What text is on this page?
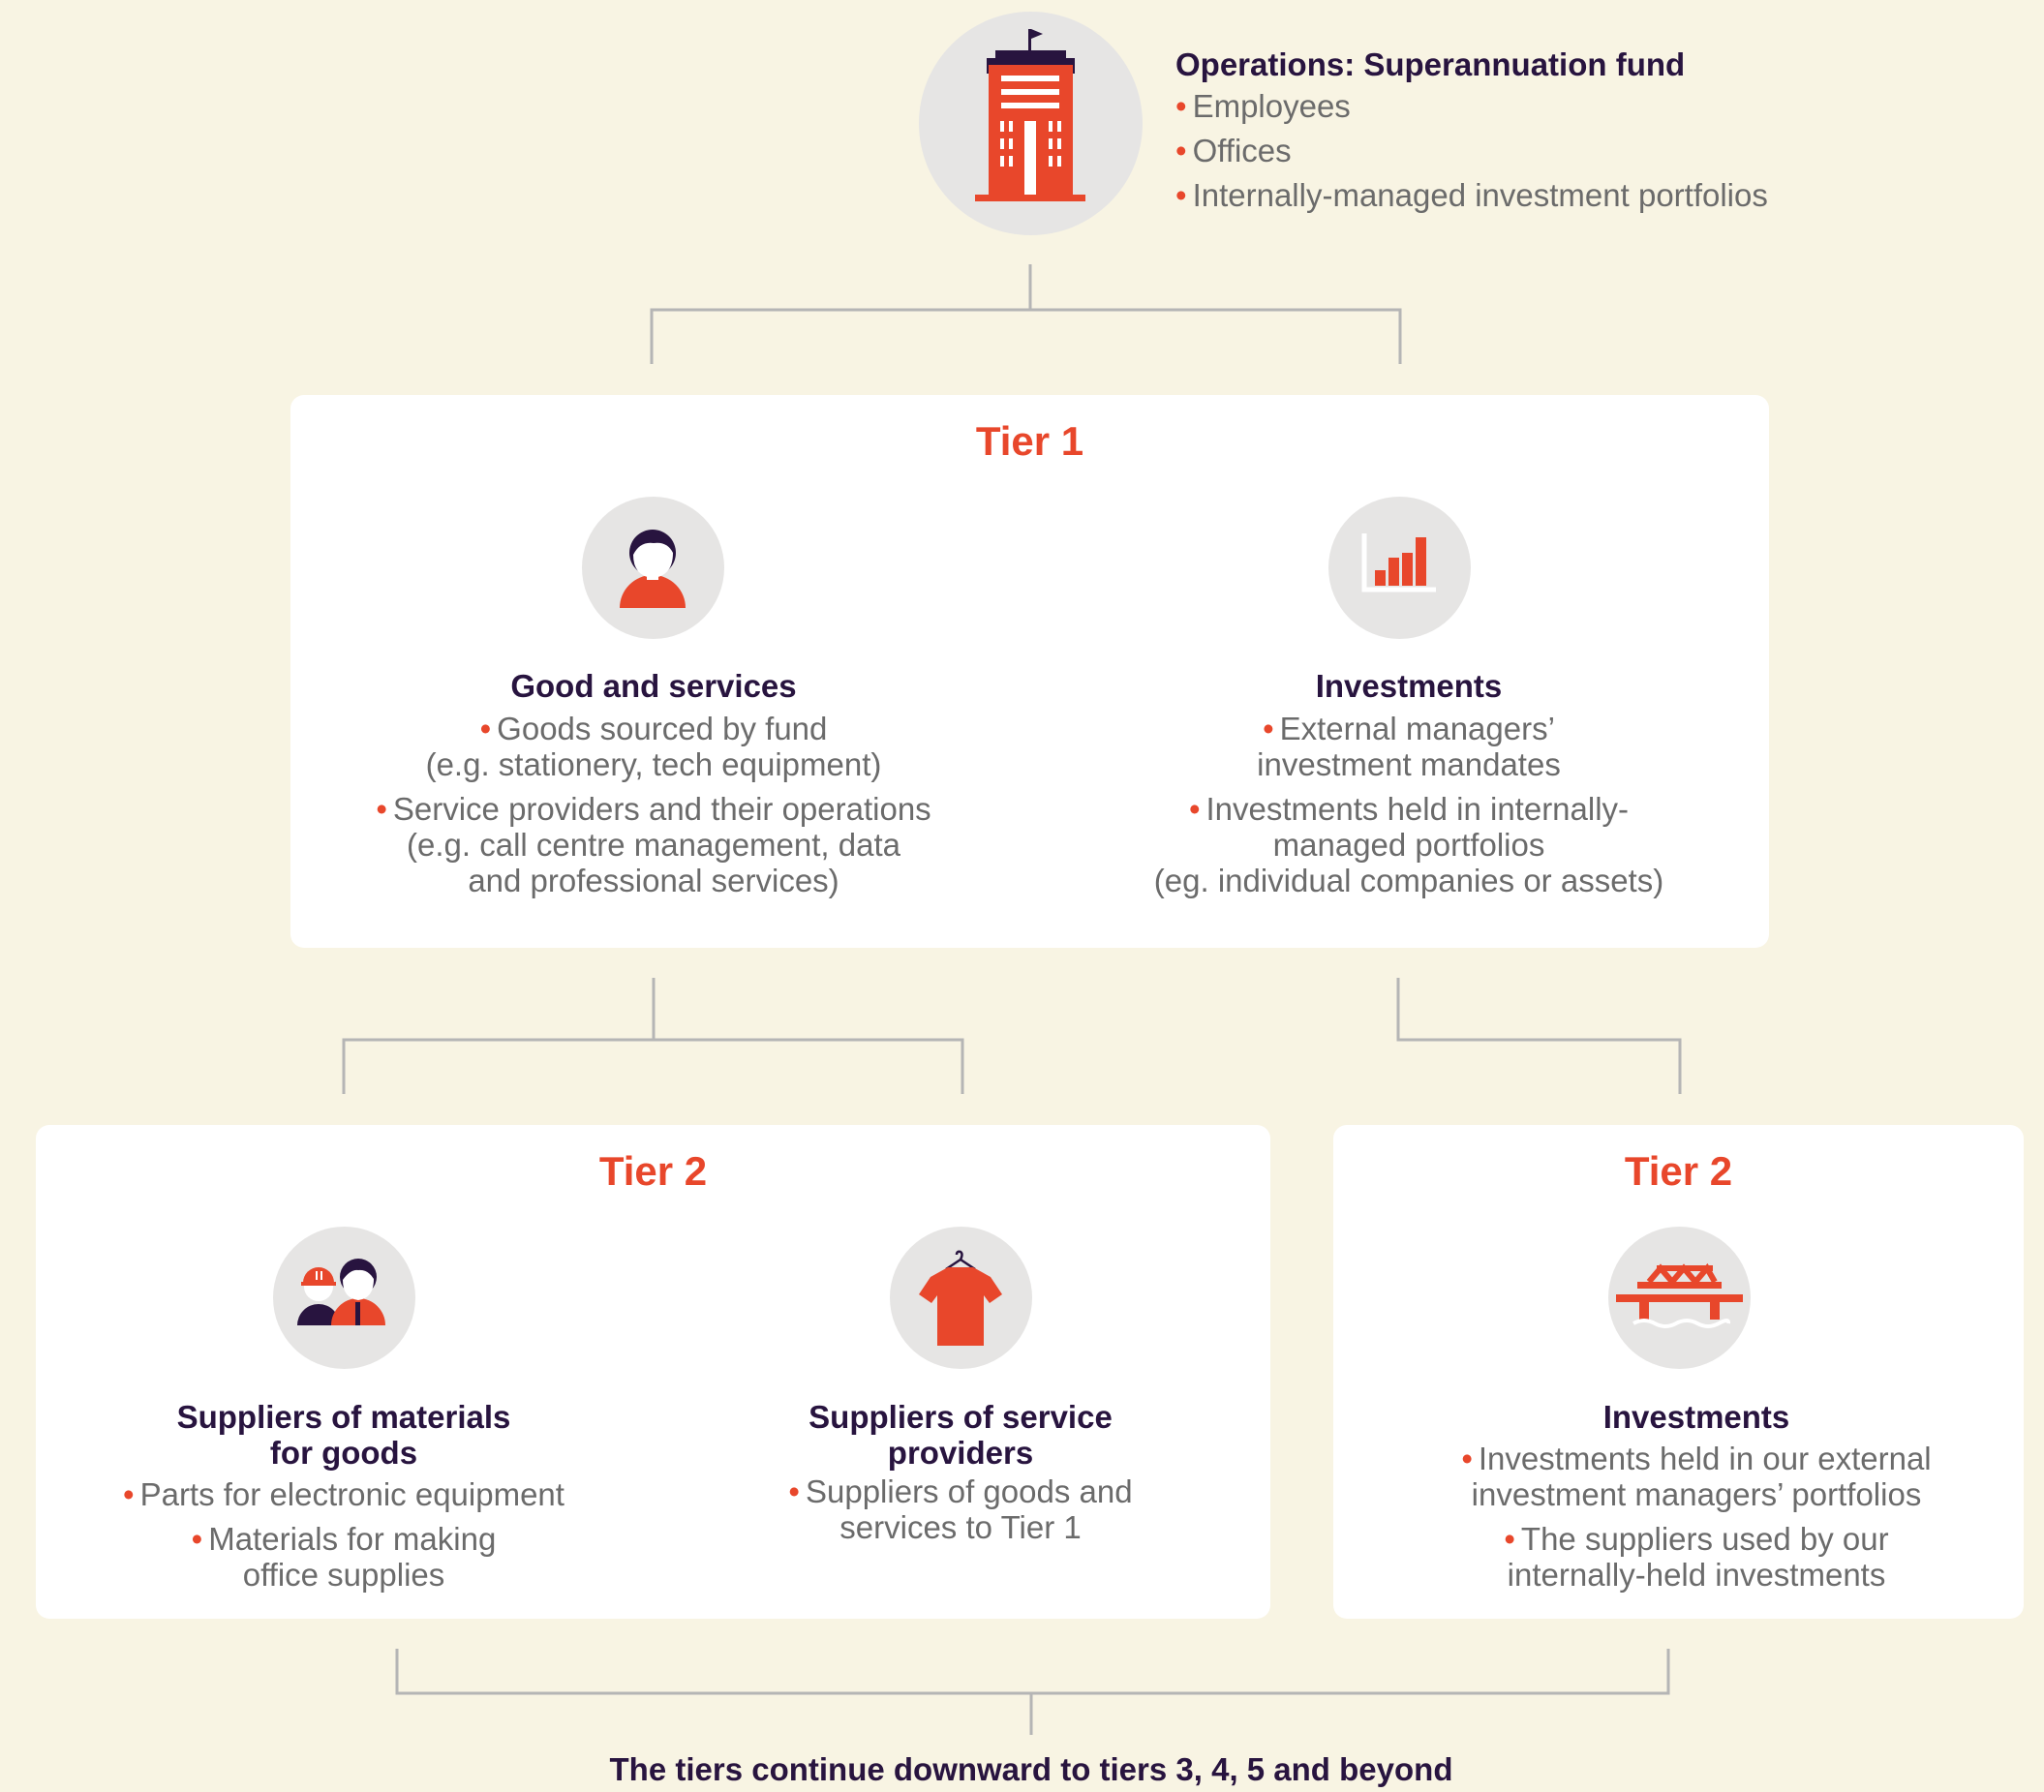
Operations: Superannuation fund
• Employees
• Offices
• Internally-managed investment portfolios
Tier 1
Good and services

• Goods sourced by fund
(e.g. stationery, tech equipment)

• Service providers and their operations
(e.g. call centre management, data
and professional services)

Investments

• External managers’
investment mandates

• Investments held in internally-
managed portfolios
(eg. individual companies or assets)

Tier 2
Suppliers of materials
for goods

• Parts for electronic equipment

• Materials for making
office supplies

Suppliers of service
providers

• Suppliers of goods and
services to Tier 1

Tier 2
Investments

• Investments held in our external
investment managers’ portfolios

• The suppliers used by our
internally-held investments

The tiers continue downward to tiers 3, 4, 5 and beyond
